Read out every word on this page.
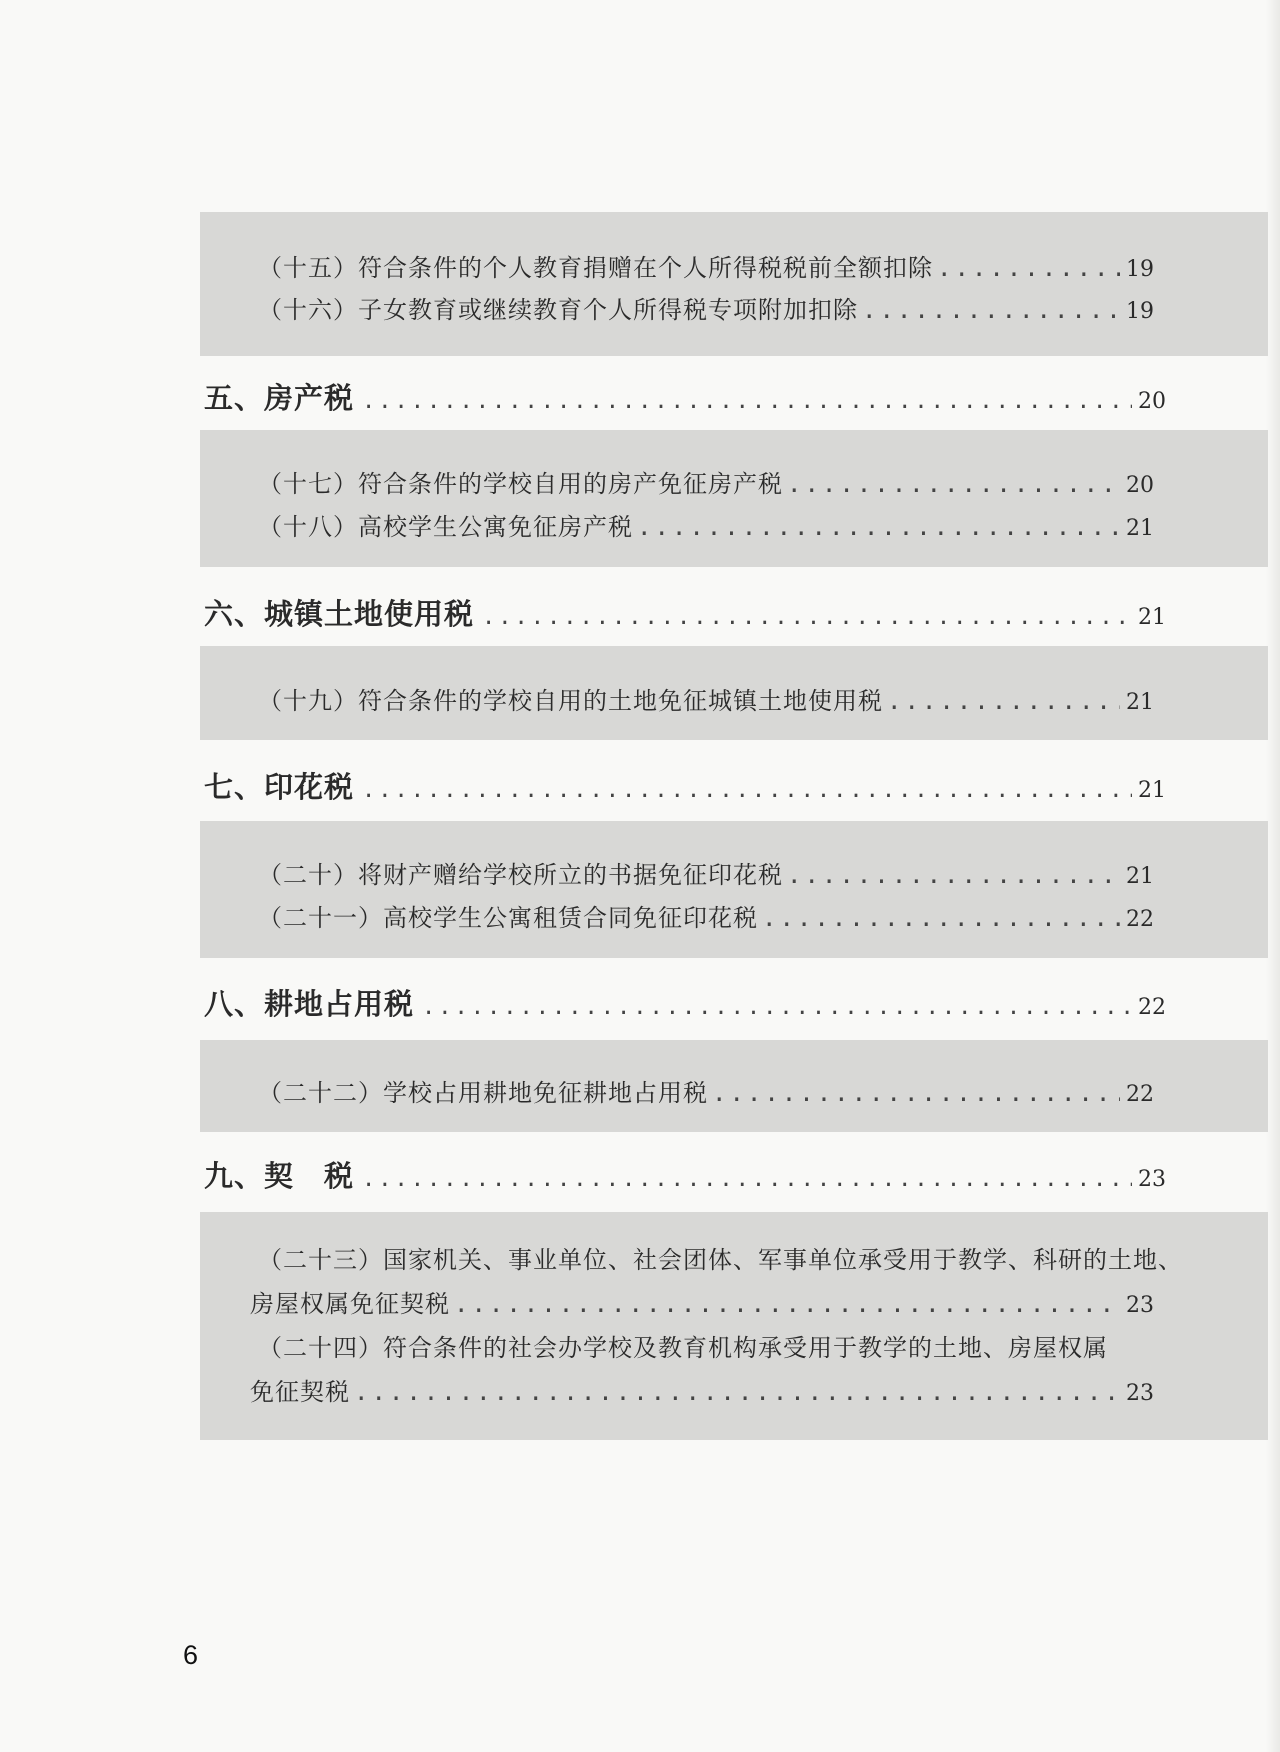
（十五）符合条件的个人教育捐赠在个人所得税税前全额扣除 .....	19
（十六）子女教育或继续教育个人所得税专项附加扣除 .....	19
五、房产税 .....	20
（十七）符合条件的学校自用的房产免征房产税 .....	20
（十八）高校学生公寓免征房产税 .....	21
六、城镇土地使用税 .....	21
（十九）符合条件的学校自用的土地免征城镇土地使用税 .....	21
七、印花税 .....	21
（二十）将财产赠给学校所立的书据免征印花税 .....	21
（二十一）高校学生公寓租赁合同免征印花税 .....	22
八、耕地占用税 .....	22
（二十二）学校占用耕地免征耕地占用税 .....	22
九、契　税 .....	23
（二十三）国家机关、事业单位、社会团体、军事单位承受用于教学、科研的土地、
房屋权属免征契税 .....	23
（二十四）符合条件的社会办学校及教育机构承受用于教学的土地、房屋权属
免征契税 .....	23
6
